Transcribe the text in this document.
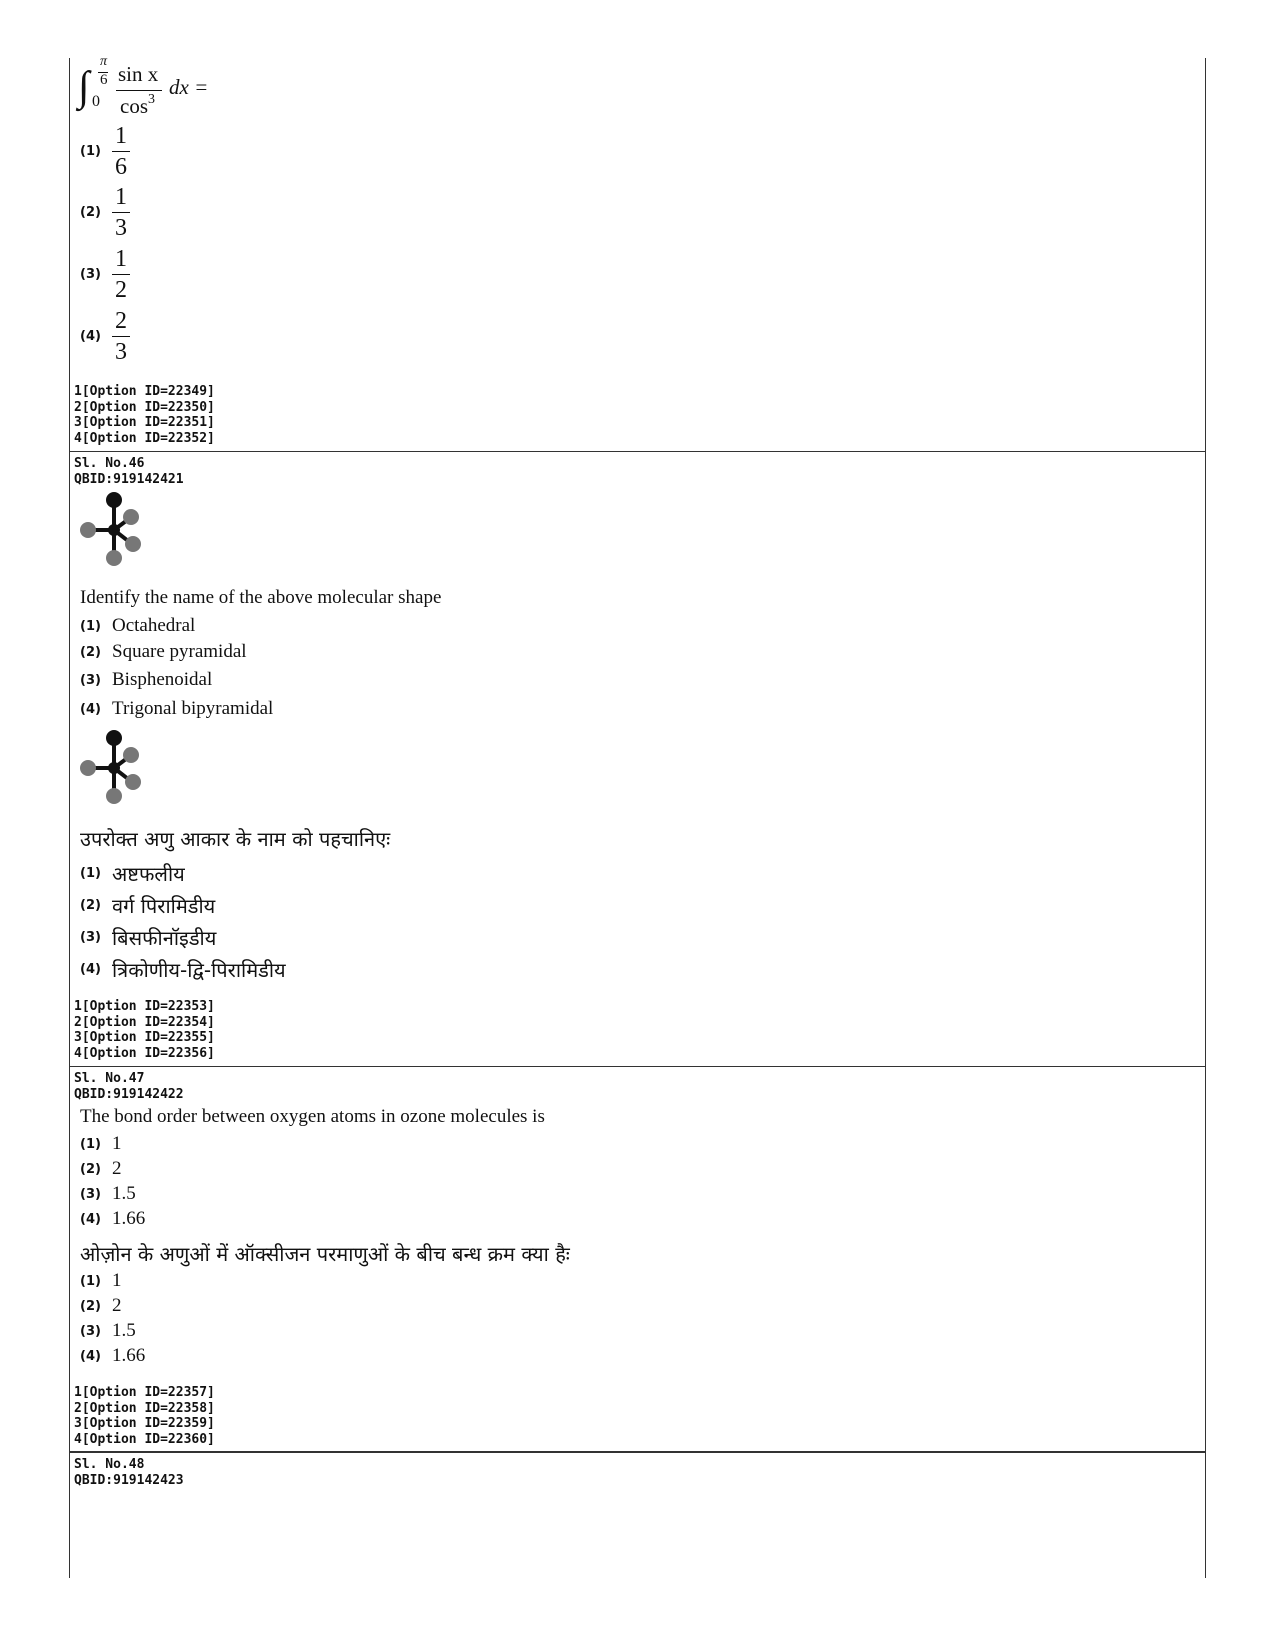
∫
π
6
0
sin x
$\cos^3$
dx =
$(1) \frac{1}{6}$
$(2) \frac{1}{3}$
$(3) \frac{1}{2}$
$(4) \frac{2}{3}$
1[Option ID=22349]
2[Option ID=22350]
3[Option ID=22351]
4[Option ID=22352]
Sl. No.46
QBID:919142421
Identify the name of the above molecular shape
(1) Octahedral
(2) Square pyramidal
(3) Bisphenoidal
(4) Trigonal bipyramidal
उपरोक्त अणु आकार के नाम को पहचानिएः
(1) अष्टफलीय
(2) वर्ग पिरामिडीय
(3) बिसफीनॉइडीय
(4) त्रिकोणीय-द्वि-पिरामिडीय
1[Option ID=22353]
2[Option ID=22354]
3[Option ID=22355]
4[Option ID=22356]
Sl. No.47
QBID:919142422
The bond order between oxygen atoms in ozone molecules is
(1) 1
(2) 2
(3) 1.5
(4) 1.66
ओज़ोन के अणुओं में ऑक्सीजन परमाणुओं के बीच बन्ध क्रम क्या हैः
(1) 1
(2) 2
(3) 1.5
(4) 1.66
1[Option ID=22357]
2[Option ID=22358]
3[Option ID=22359]
4[Option ID=22360]
Sl. No.48
QBID:919142423
